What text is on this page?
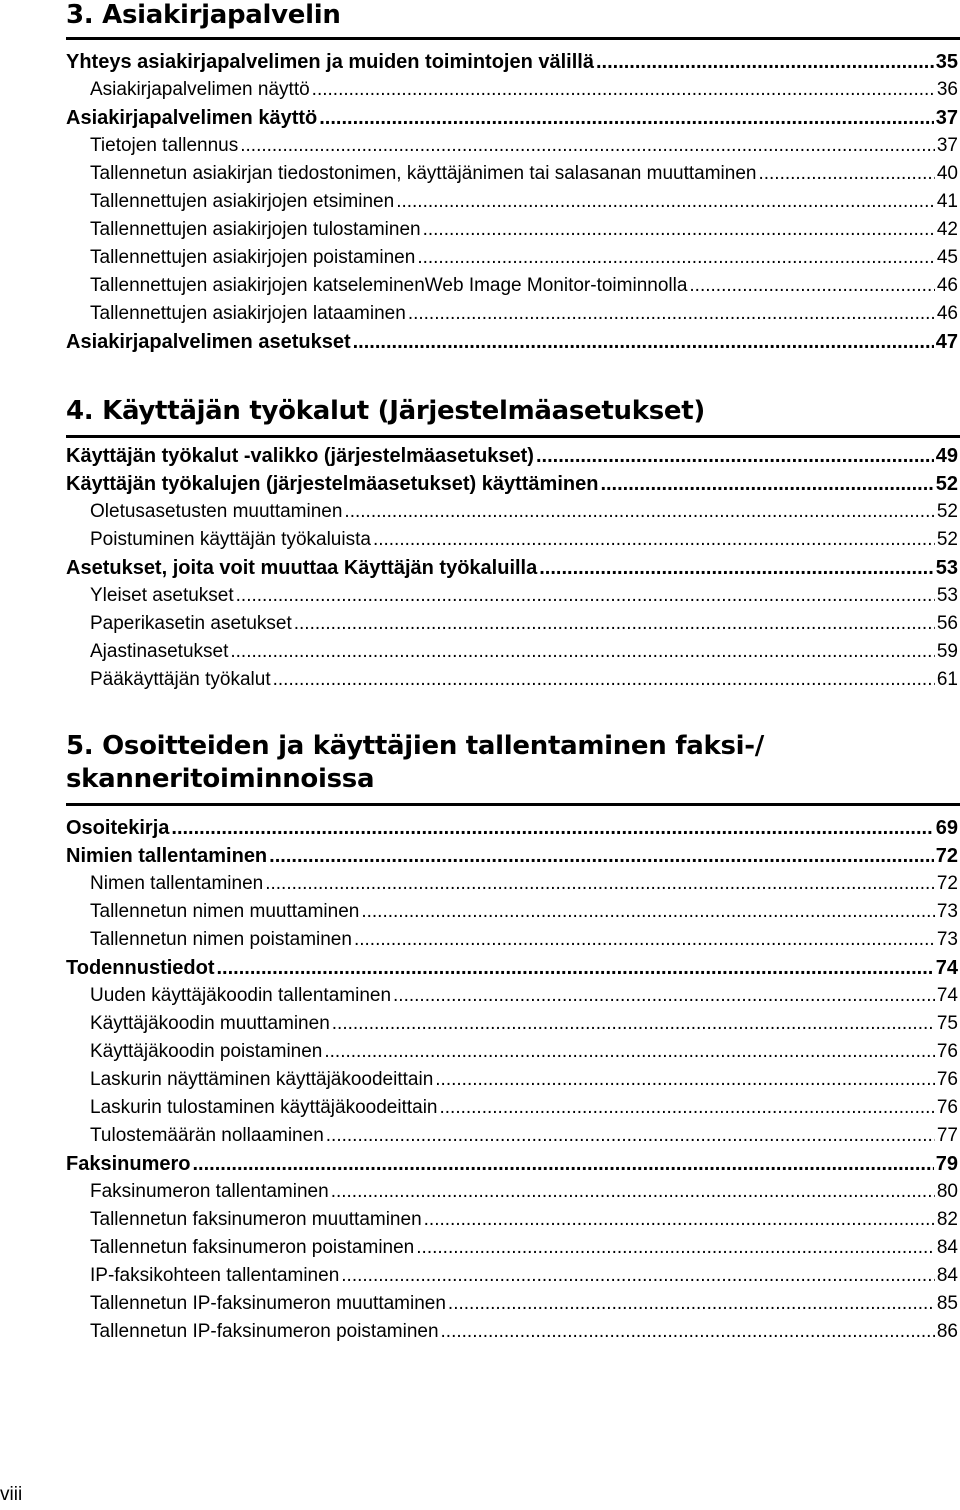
3. Asiakirjapalvelin
Yhteys asiakirjapalvelimen ja muiden toimintojen välillä .....	35
Asiakirjapalvelimen näyttö .....	36
Asiakirjapalvelimen käyttö .....	37
Tietojen tallennus .....	37
Tallennetun asiakirjan tiedostonimen, käyttäjänimen tai salasanan muuttaminen .....	40
Tallennettujen asiakirjojen etsiminen .....	41
Tallennettujen asiakirjojen tulostaminen .....	42
Tallennettujen asiakirjojen poistaminen .....	45
Tallennettujen asiakirjojen katseleminenWeb Image Monitor-toiminnolla .....	46
Tallennettujen asiakirjojen lataaminen .....	46
Asiakirjapalvelimen asetukset .....	47
4. Käyttäjän työkalut (Järjestelmäasetukset)
Käyttäjän työkalut -valikko (järjestelmäasetukset) .....	49
Käyttäjän työkalujen (järjestelmäasetukset) käyttäminen .....	52
Oletusasetusten muuttaminen .....	52
Poistuminen käyttäjän työkaluista .....	52
Asetukset, joita voit muuttaa Käyttäjän työkaluilla .....	53
Yleiset asetukset .....	53
Paperikasetin asetukset .....	56
Ajastinasetukset .....	59
Pääkäyttäjän työkalut .....	61
5. Osoitteiden ja käyttäjien tallentaminen faksi-/
skanneritoiminnoissa
Osoitekirja .....	69
Nimien tallentaminen .....	72
Nimen tallentaminen .....	72
Tallennetun nimen muuttaminen .....	73
Tallennetun nimen poistaminen .....	73
Todennustiedot .....	74
Uuden käyttäjäkoodin tallentaminen .....	74
Käyttäjäkoodin muuttaminen .....	75
Käyttäjäkoodin poistaminen .....	76
Laskurin näyttäminen käyttäjäkoodeittain .....	76
Laskurin tulostaminen käyttäjäkoodeittain .....	76
Tulostemäärän nollaaminen .....	77
Faksinumero .....	79
Faksinumeron tallentaminen .....	80
Tallennetun faksinumeron muuttaminen .....	82
Tallennetun faksinumeron poistaminen .....	84
IP-faksikohteen tallentaminen .....	84
Tallennetun IP-faksinumeron muuttaminen .....	85
Tallennetun IP-faksinumeron poistaminen .....	86
viii
